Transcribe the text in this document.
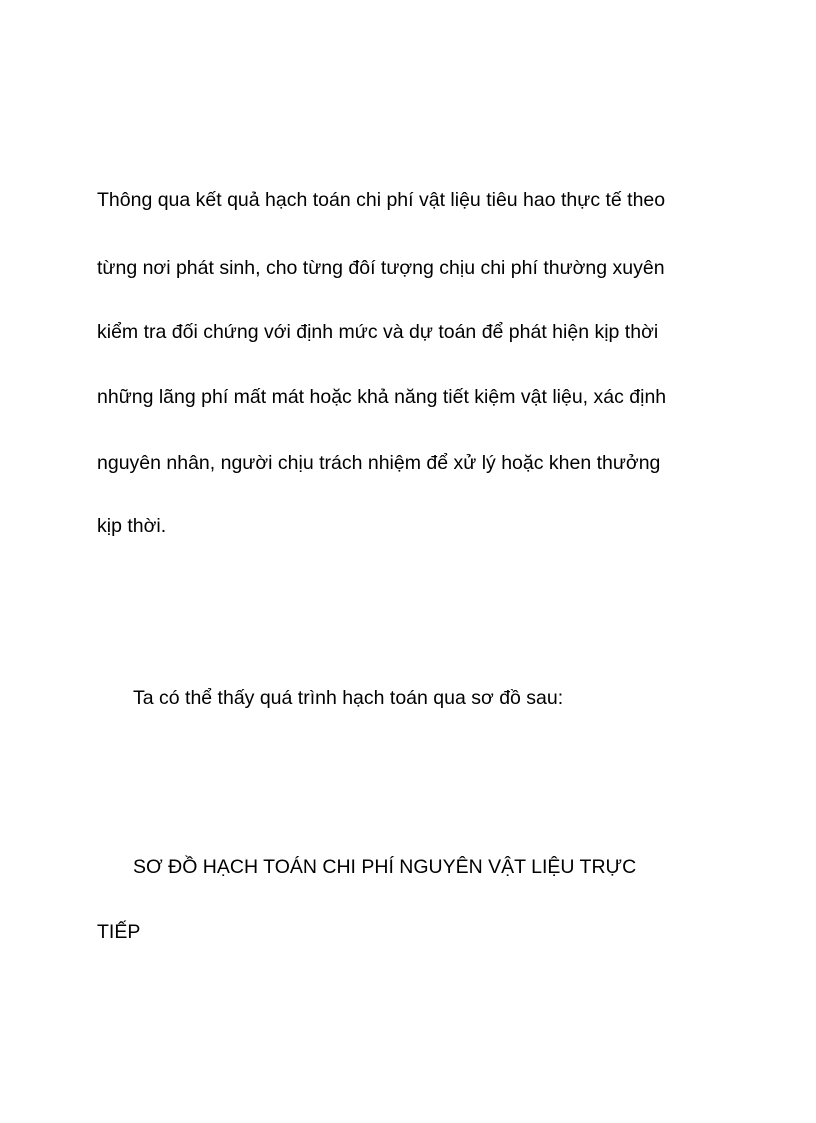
Thông qua kết quả hạch toán chi phí vật liệu tiêu hao thực tế theo
từng nơi phát sinh, cho từng đôí tượng chịu chi phí thường xuyên
kiểm tra đối chứng với định mức và dự toán để phát hiện kịp thời
những lãng phí mất mát hoặc khả năng tiết kiệm vật liệu, xác định
nguyên nhân, người chịu trách nhiệm để xử lý hoặc khen thưởng
kịp thời.
Ta có thể thấy quá trình hạch toán qua sơ đồ sau:
SƠ ĐỒ HẠCH TOÁN CHI PHÍ NGUYÊN VẬT LIỆU TRỰC
TIẾP
